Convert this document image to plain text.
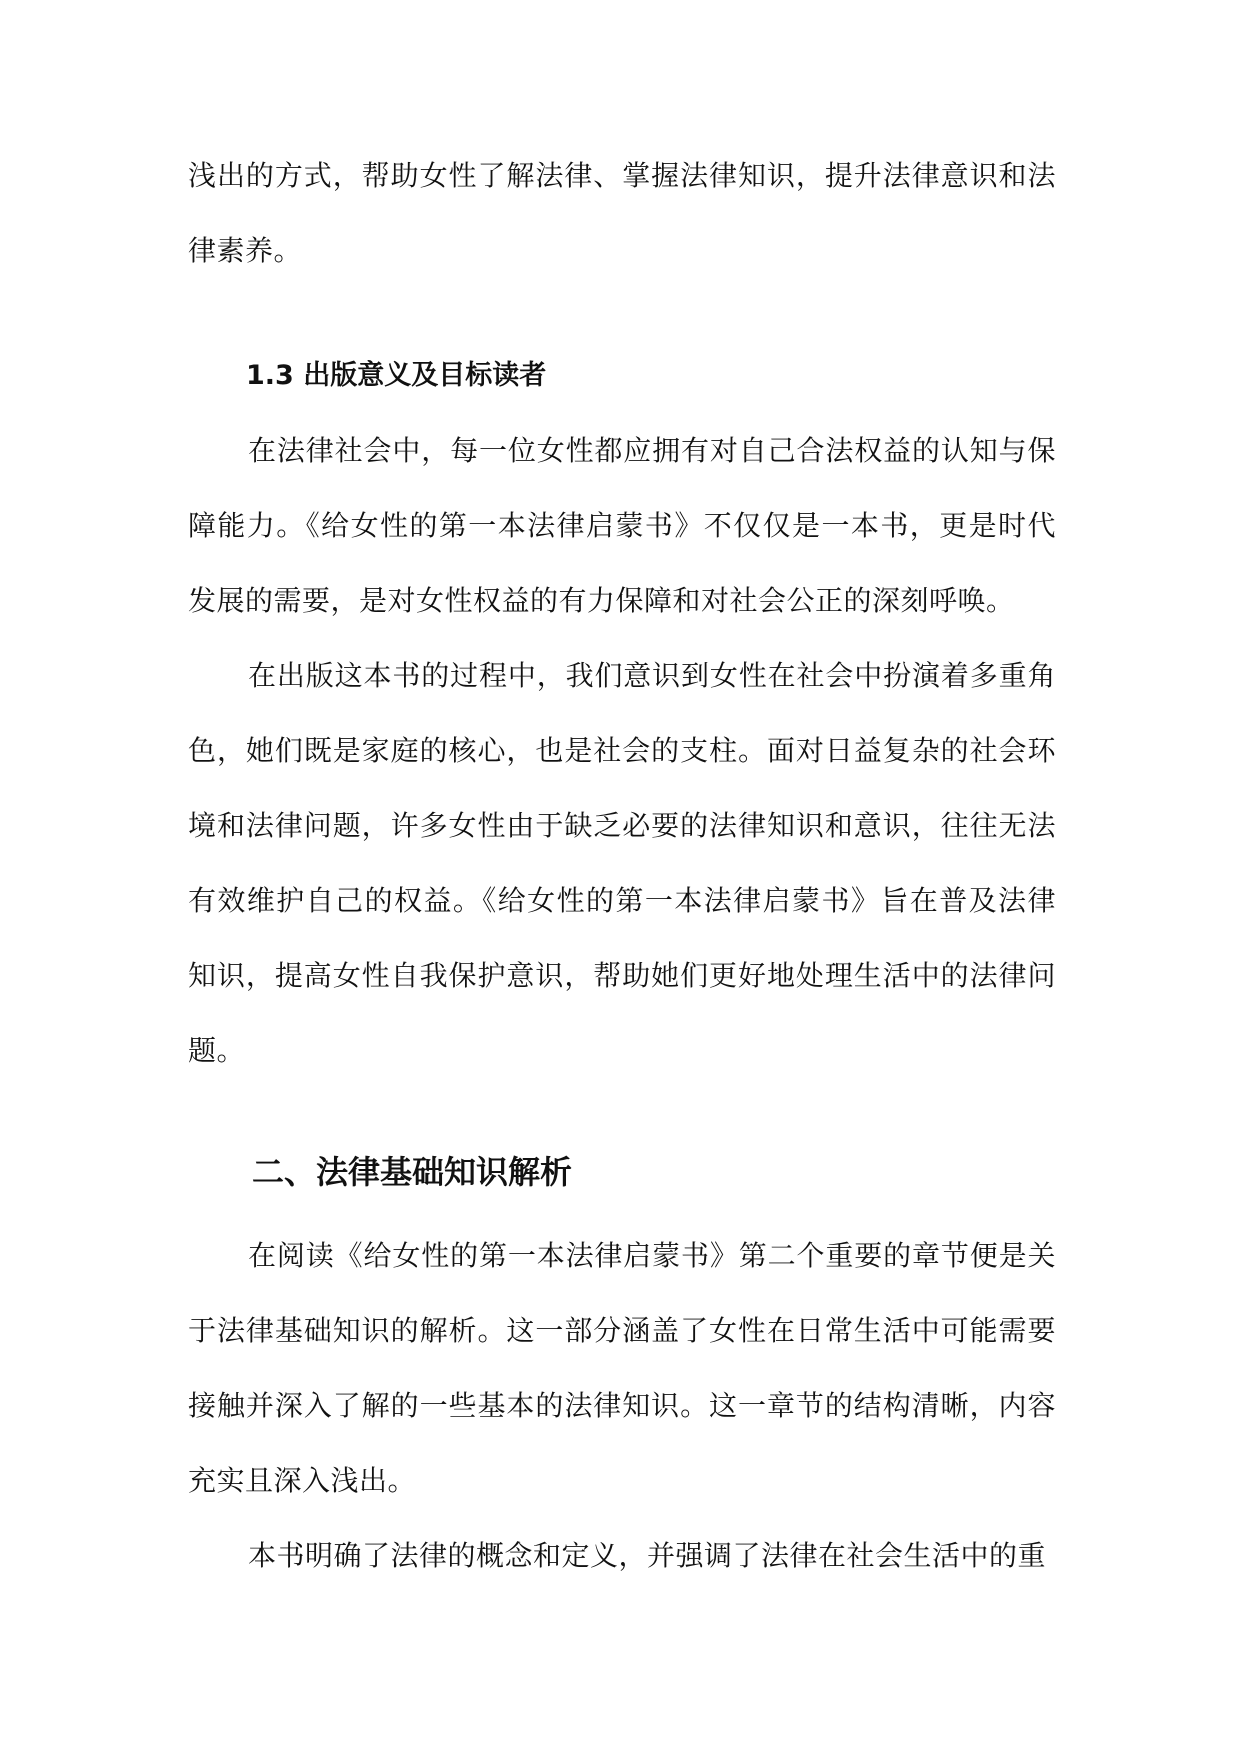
浅出的方式，帮助女性了解法律、掌握法律知识，提升法律意识和法律素养。

1.3 出版意义及目标读者

在法律社会中，每一位女性都应拥有对自己合法权益的认知与保障能力。《给女性的第一本法律启蒙书》不仅仅是一本书，更是时代发展的需要，是对女性权益的有力保障和对社会公正的深刻呼唤。

在出版这本书的过程中，我们意识到女性在社会中扮演着多重角色，她们既是家庭的核心，也是社会的支柱。面对日益复杂的社会环境和法律问题，许多女性由于缺乏必要的法律知识和意识，往往无法有效维护自己的权益。《给女性的第一本法律启蒙书》旨在普及法律知识，提高女性自我保护意识，帮助她们更好地处理生活中的法律问题。

二、法律基础知识解析

在阅读《给女性的第一本法律启蒙书》第二个重要的章节便是关于法律基础知识的解析。这一部分涵盖了女性在日常生活中可能需要接触并深入了解的一些基本的法律知识。这一章节的结构清晰，内容充实且深入浅出。

本书明确了法律的概念和定义，并强调了法律在社会生活中的重
